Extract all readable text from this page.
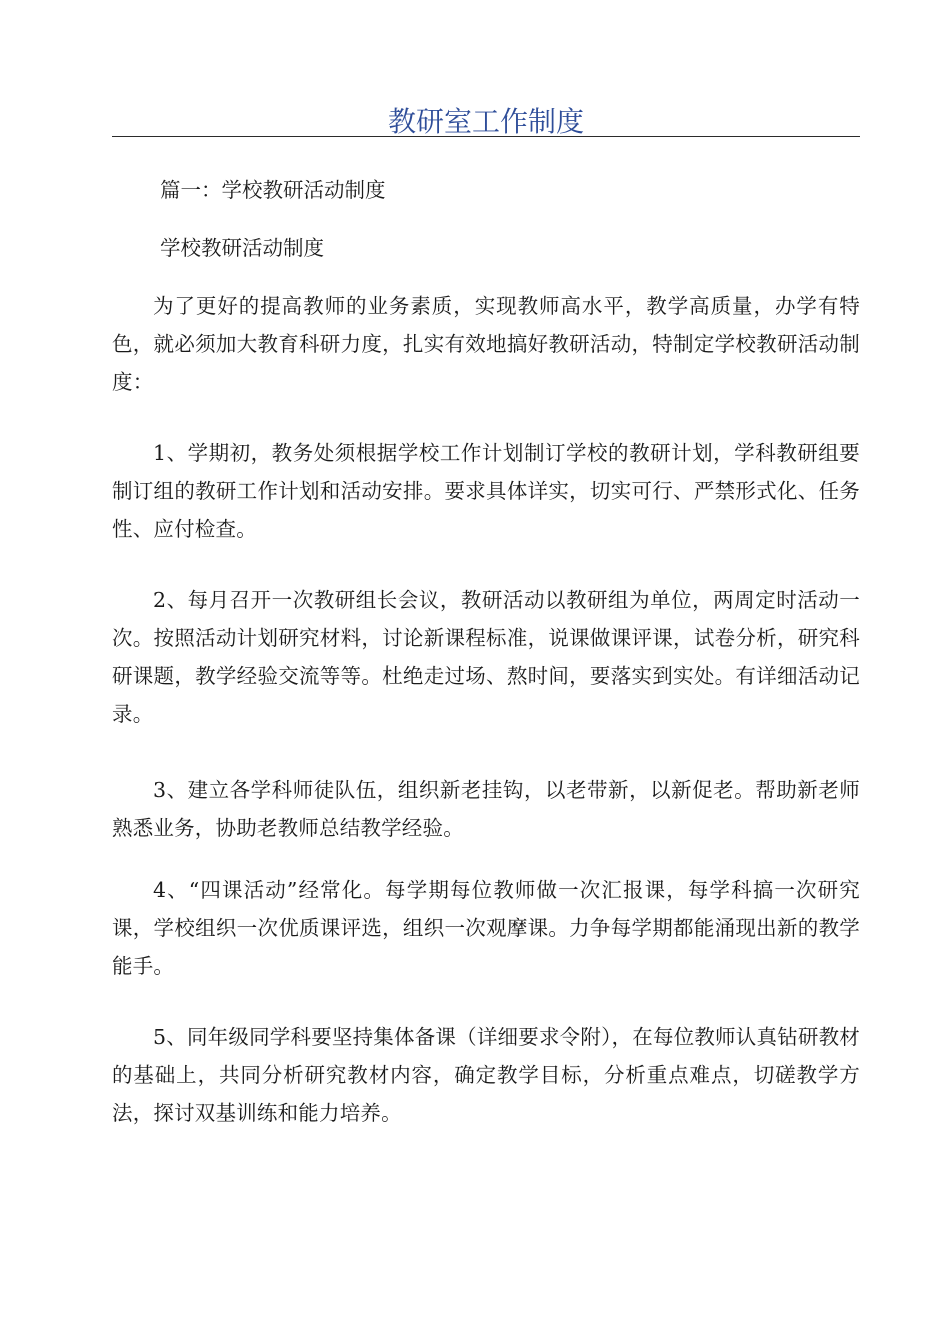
教研室工作制度

篇一：学校教研活动制度

学校教研活动制度

为了更好的提高教师的业务素质，实现教师高水平，教学高质量，办学有特色，就必须加大教育科研力度，扎实有效地搞好教研活动，特制定学校教研活动制度：

1、学期初，教务处须根据学校工作计划制订学校的教研计划，学科教研组要制订组的教研工作计划和活动安排。要求具体详实，切实可行、严禁形式化、任务性、应付检查。

2、每月召开一次教研组长会议，教研活动以教研组为单位，两周定时活动一次。按照活动计划研究材料，讨论新课程标准，说课做课评课，试卷分析，研究科研课题，教学经验交流等等。杜绝走过场、熬时间，要落实到实处。有详细活动记录。

3、建立各学科师徒队伍，组织新老挂钩，以老带新，以新促老。帮助新老师熟悉业务，协助老教师总结教学经验。

4、“四课活动”经常化。每学期每位教师做一次汇报课，每学科搞一次研究课，学校组织一次优质课评选，组织一次观摩课。力争每学期都能涌现出新的教学能手。

5、同年级同学科要坚持集体备课（详细要求令附），在每位教师认真钻研教材的基础上，共同分析研究教材内容，确定教学目标，分析重点难点，切磋教学方法，探讨双基训练和能力培养。
